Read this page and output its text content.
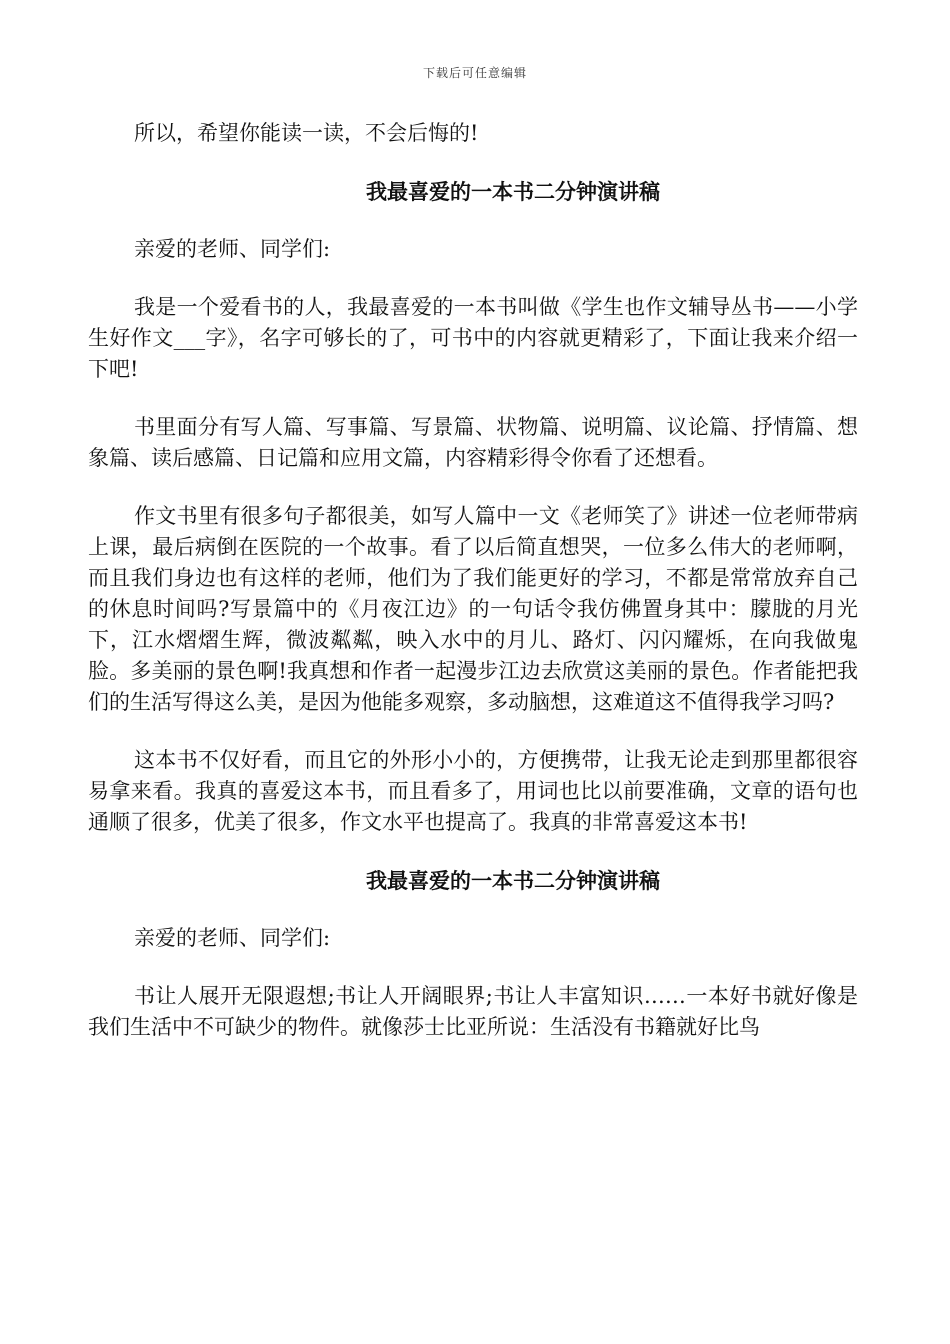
下载后可任意编辑

所以，希望你能读一读，不会后悔的!

我最喜爱的一本书二分钟演讲稿

亲爱的老师、同学们:

我是一个爱看书的人，我最喜爱的一本书叫做《学生也作文辅导丛书——小学生好作文___字》，名字可够长的了，可书中的内容就更精彩了，下面让我来介绍一下吧!

书里面分有写人篇、写事篇、写景篇、状物篇、说明篇、议论篇、抒情篇、想象篇、读后感篇、日记篇和应用文篇，内容精彩得令你看了还想看。

作文书里有很多句子都很美，如写人篇中一文《老师笑了》讲述一位老师带病上课，最后病倒在医院的一个故事。看了以后简直想哭，一位多么伟大的老师啊，而且我们身边也有这样的老师，他们为了我们能更好的学习，不都是常常放弃自己的休息时间吗?写景篇中的《月夜江边》的一句话令我仿佛置身其中：朦胧的月光下，江水熠熠生辉，微波粼粼，映入水中的月儿、路灯、闪闪耀烁，在向我做鬼脸。多美丽的景色啊!我真想和作者一起漫步江边去欣赏这美丽的景色。作者能把我们的生活写得这么美，是因为他能多观察，多动脑想，这难道这不值得我学习吗?

这本书不仅好看，而且它的外形小小的，方便携带，让我无论走到那里都很容易拿来看。我真的喜爱这本书，而且看多了，用词也比以前要准确，文章的语句也通顺了很多，优美了很多，作文水平也提高了。我真的非常喜爱这本书!

我最喜爱的一本书二分钟演讲稿

亲爱的老师、同学们:

书让人展开无限遐想;书让人开阔眼界;书让人丰富知识……一本好书就好像是我们生活中不可缺少的物件。就像莎士比亚所说：生活没有书籍就好比鸟
